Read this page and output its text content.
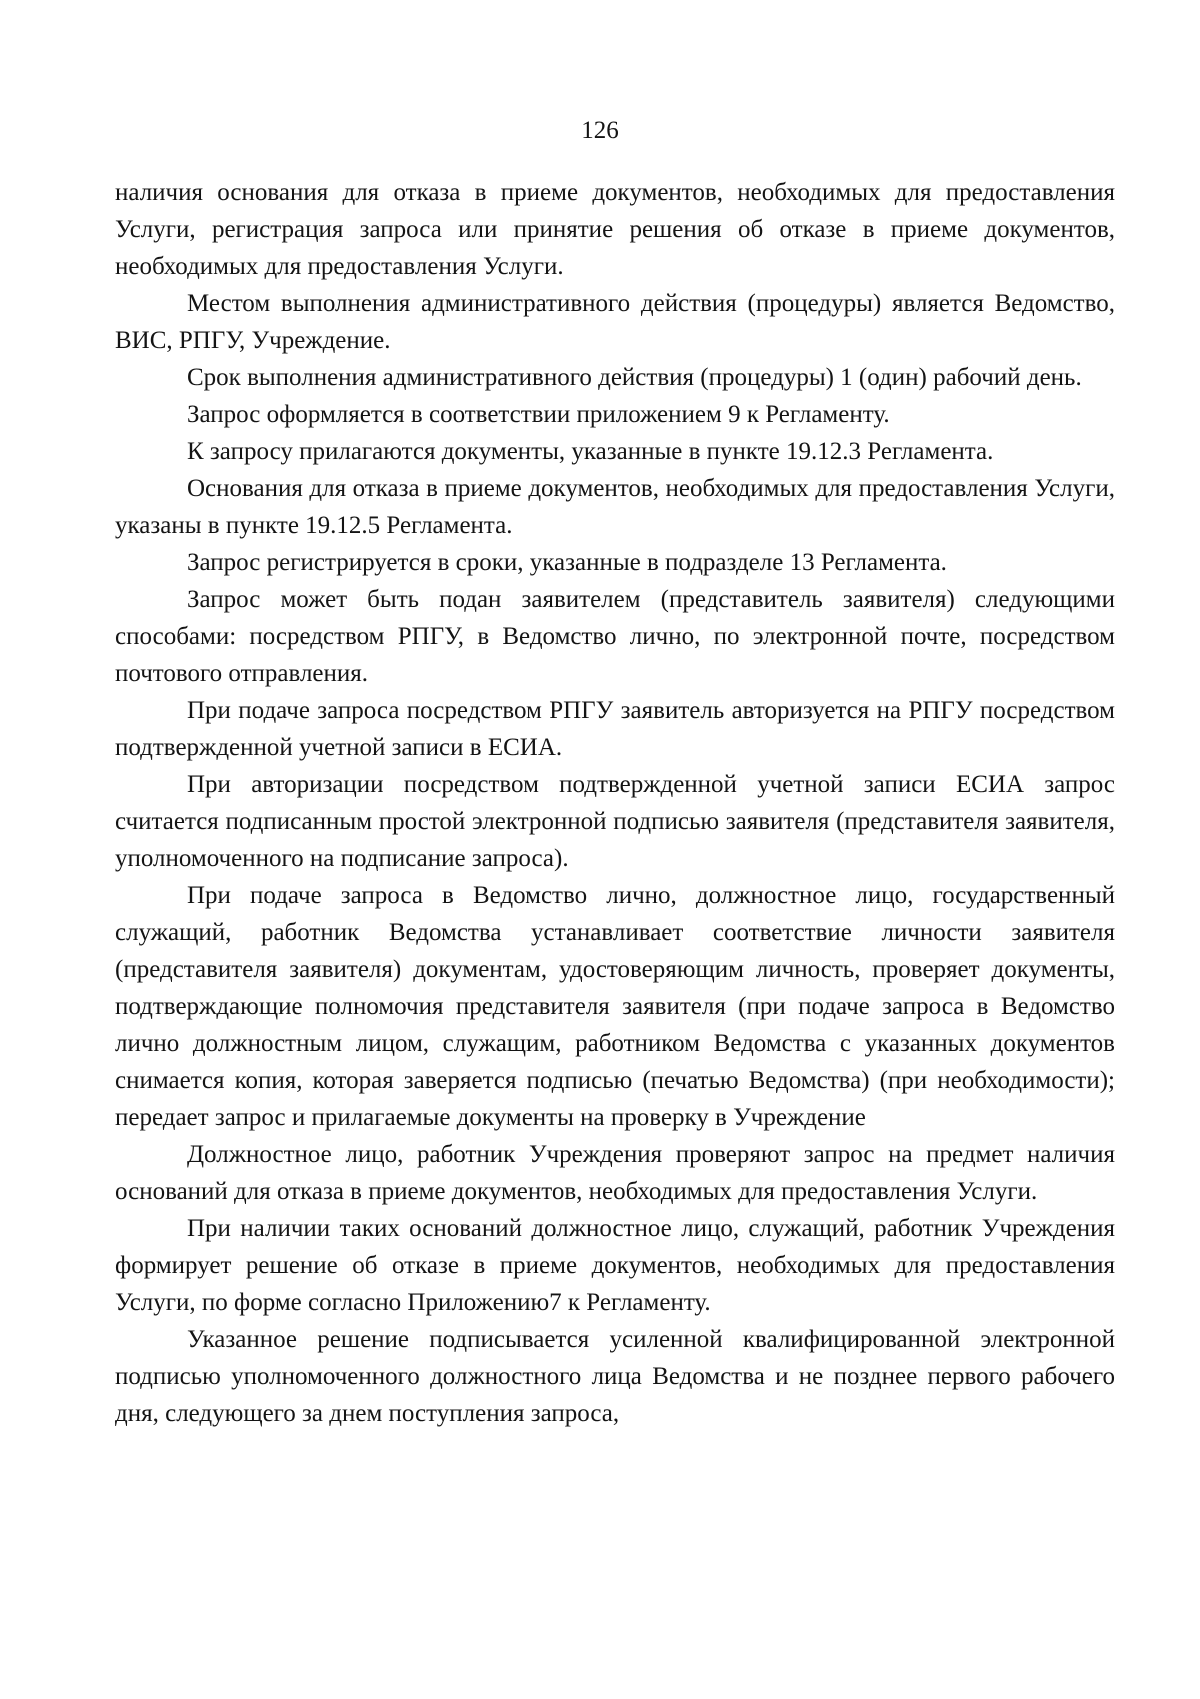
126

наличия основания для отказа в приеме документов, необходимых для предоставления Услуги, регистрация запроса или принятие решения об отказе в приеме документов, необходимых для предоставления Услуги.

Местом выполнения административного действия (процедуры) является Ведомство, ВИС, РПГУ, Учреждение.

Срок выполнения административного действия (процедуры) 1 (один) рабочий день.

Запрос оформляется в соответствии приложением 9 к Регламенту.

К запросу прилагаются документы, указанные в пункте 19.12.3 Регламента.

Основания для отказа в приеме документов, необходимых для предоставления Услуги, указаны в пункте 19.12.5 Регламента.

Запрос регистрируется в сроки, указанные в подразделе 13 Регламента.

Запрос может быть подан заявителем (представитель заявителя) следующими способами: посредством РПГУ, в Ведомство лично, по электронной почте, посредством почтового отправления.

При подаче запроса посредством РПГУ заявитель авторизуется на РПГУ посредством подтвержденной учетной записи в ЕСИА.

При авторизации посредством подтвержденной учетной записи ЕСИА запрос считается подписанным простой электронной подписью заявителя (представителя заявителя, уполномоченного на подписание запроса).

При подаче запроса в Ведомство лично, должностное лицо, государственный служащий, работник Ведомства устанавливает соответствие личности заявителя (представителя заявителя) документам, удостоверяющим личность, проверяет документы, подтверждающие полномочия представителя заявителя (при подаче запроса в Ведомство лично должностным лицом, служащим, работником Ведомства с указанных документов снимается копия, которая заверяется подписью (печатью Ведомства) (при необходимости); передает запрос и прилагаемые документы на проверку в Учреждение

Должностное лицо, работник Учреждения проверяют запрос на предмет наличия оснований для отказа в приеме документов, необходимых для предоставления Услуги.

При наличии таких оснований должностное лицо, служащий, работник Учреждения формирует решение об отказе в приеме документов, необходимых для предоставления Услуги, по форме согласно Приложению7 к Регламенту.

Указанное решение подписывается усиленной квалифицированной электронной подписью уполномоченного должностного лица Ведомства и не позднее первого рабочего дня, следующего за днем поступления запроса,
